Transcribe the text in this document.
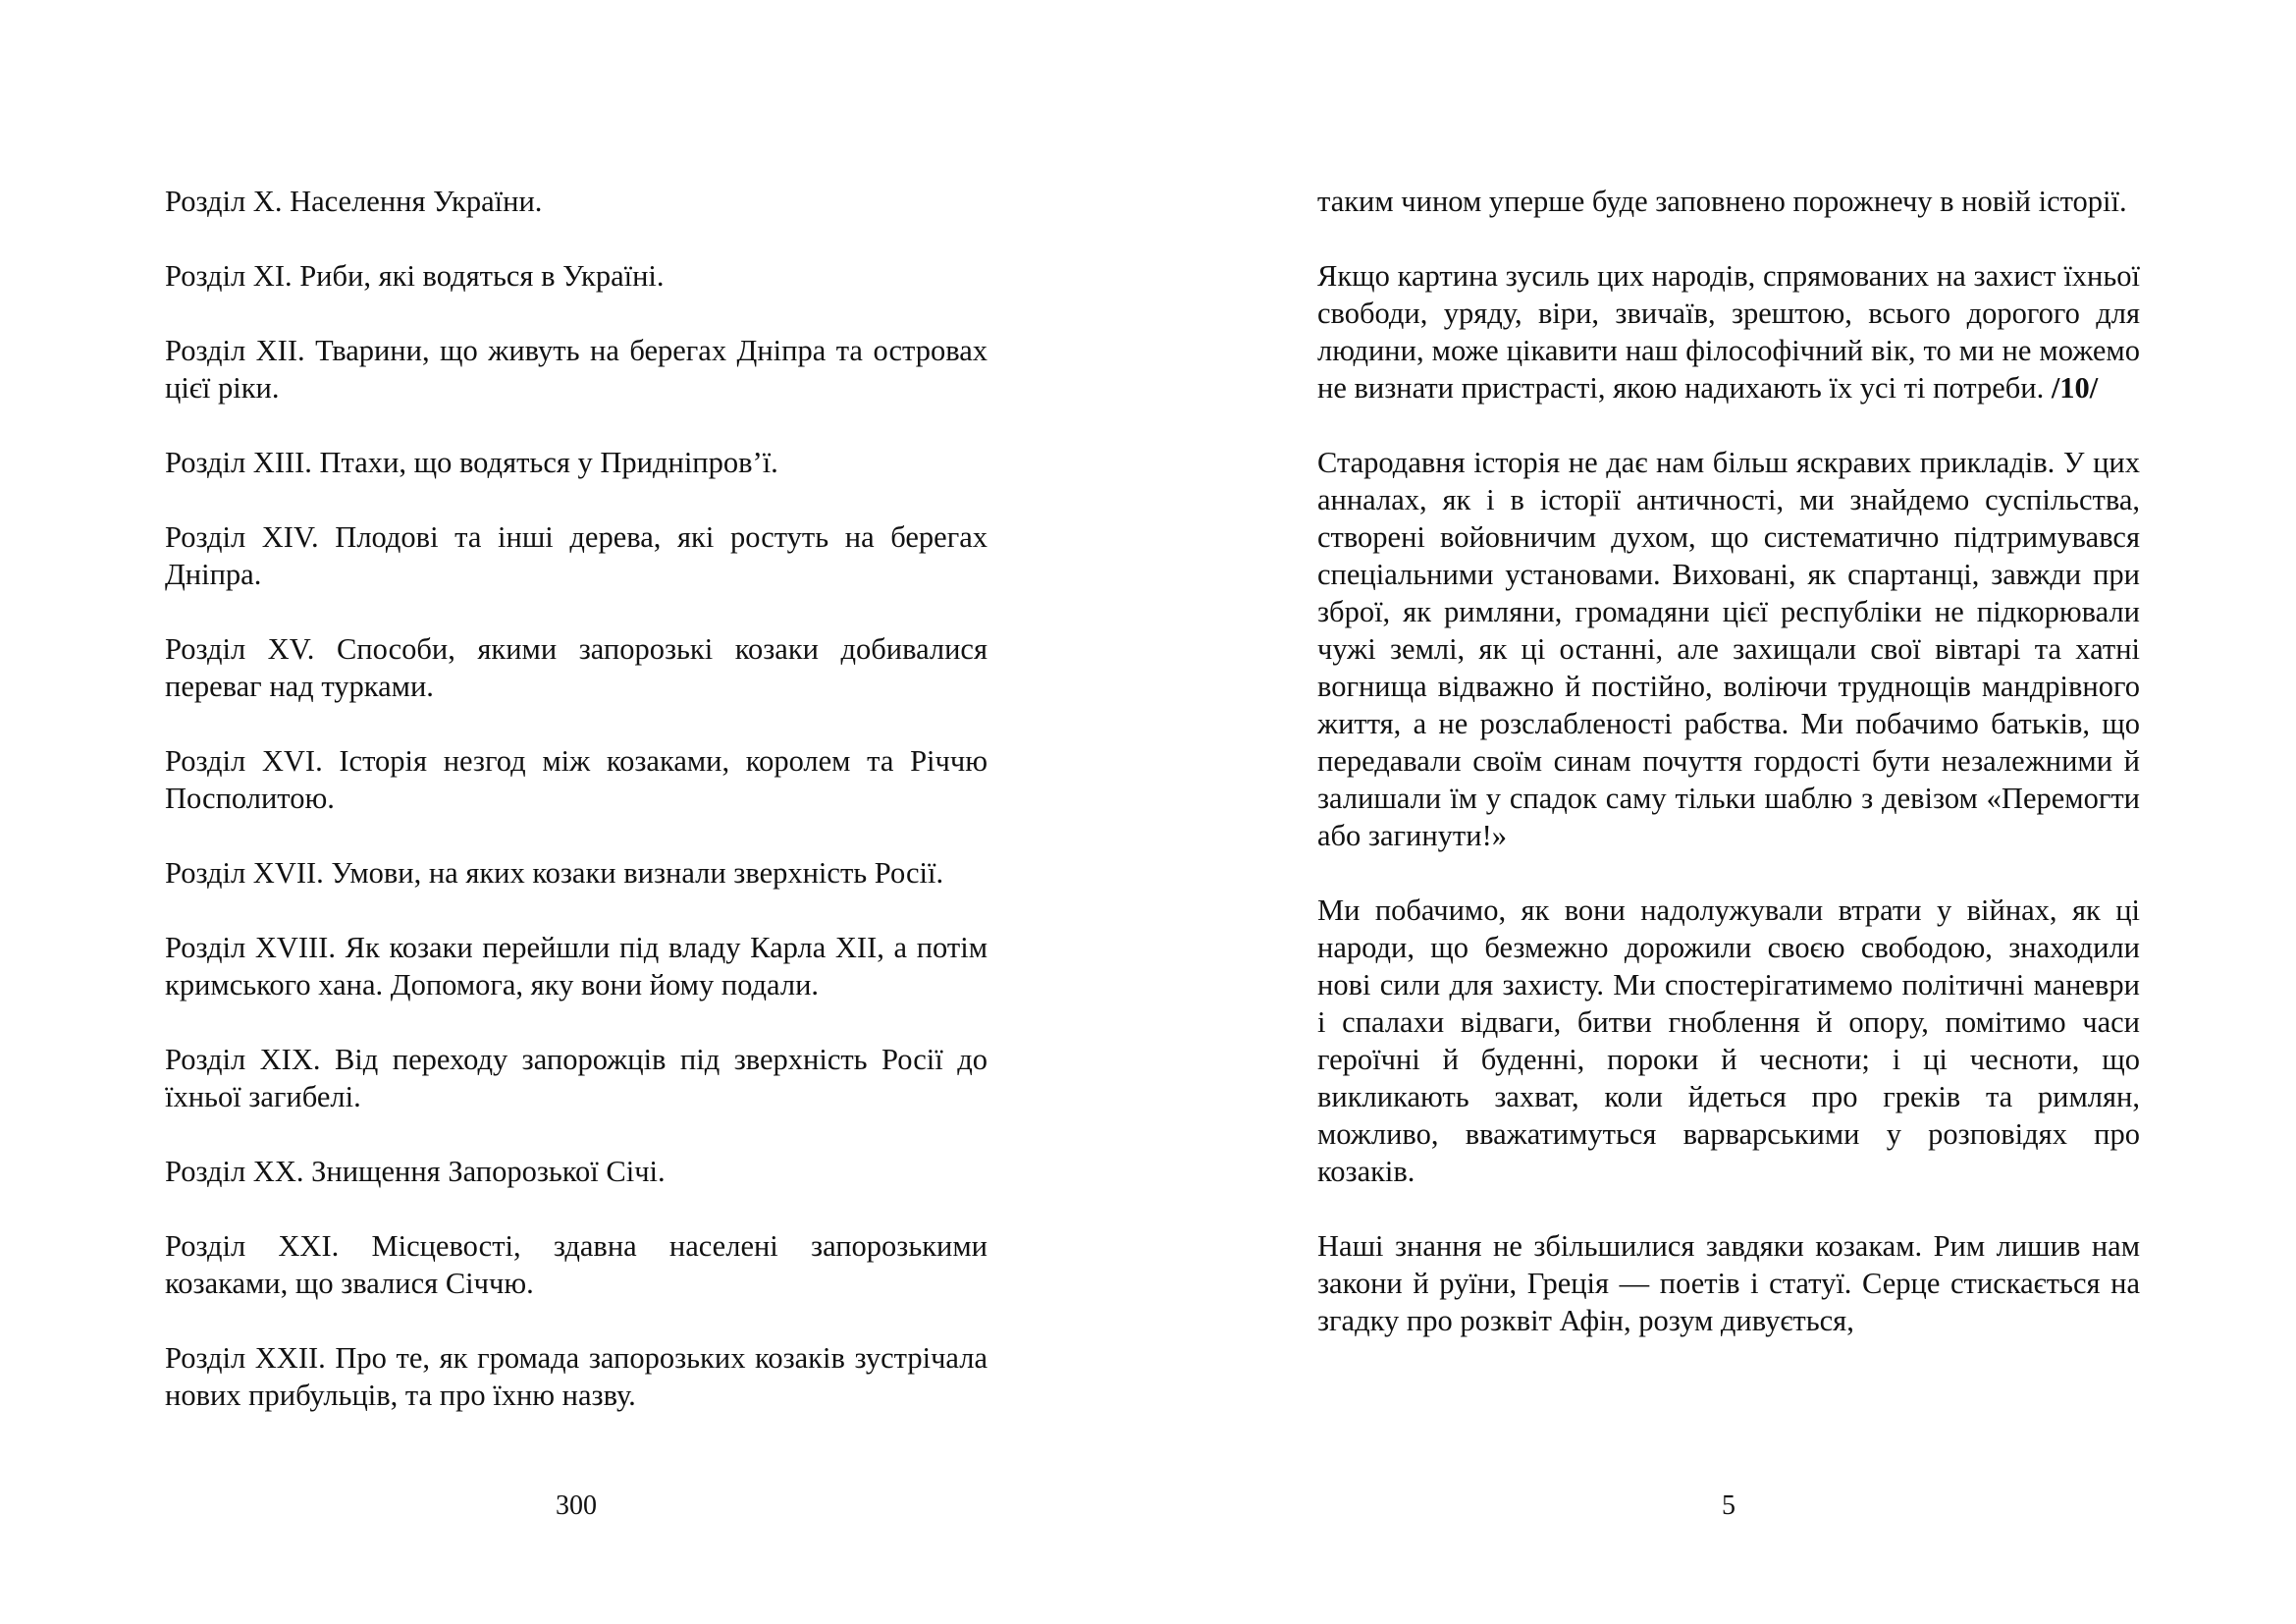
Розділ Х. Населення України.

Розділ ХІ. Риби, які водяться в Україні.

Розділ ХІІ. Тварини, що живуть на берегах Дніпра та островах цієї ріки.

Розділ ХІІІ. Птахи, що водяться у Придніпров’ї.

Розділ ХІV. Плодові та інші дерева, які ростуть на берегах Дніпра.

Розділ ХV. Способи, якими запорозькі козаки добивалися переваг над турками.

Розділ ХVІ. Історія незгод між козаками, королем та Річчю Посполитою.

Розділ ХVІІ. Умови, на яких козаки визнали зверхність Росії.

Розділ ХVІІІ. Як козаки перейшли під владу Карла ХІІ, а потім кримського хана. Допомога, яку вони йому подали.

Розділ ХІХ. Від переходу запорожців під зверхність Росії до їхньої загибелі.

Розділ ХХ. Знищення Запорозької Січі.

Розділ ХХІ. Місцевості, здавна населені запорозькими козаками, що звалися Січчю.

Розділ ХХІІ. Про те, як громада запорозьких козаків зустрічала нових прибульців, та про їхню назву.

300

таким чином уперше буде заповнено порожнечу в новій історії.

Якщо картина зусиль цих народів, спрямованих на захист їхньої свободи, уряду, віри, звичаїв, зрештою, всього дорогого для людини, може цікавити наш філософічний вік, то ми не можемо не визнати пристрасті, якою надихають їх усі ті потреби. /10/

Стародавня історія не дає нам більш яскравих прикладів. У цих анналах, як і в історії античності, ми знайдемо суспільства, створені войовничим духом, що систематично підтримувався спеціальними установами. Виховані, як спартанці, завжди при зброї, як римляни, громадяни цієї республіки не підкорювали чужі землі, як ці останні, але захищали свої вівтарі та хатні вогнища відважно й постійно, воліючи труднощів мандрівного життя, а не розслабленості рабства. Ми побачимо батьків, що передавали своїм синам почуття гордості бути незалежними й залишали їм у спадок саму тільки шаблю з девізом «Перемогти або загинути!»

Ми побачимо, як вони надолужували втрати у війнах, як ці народи, що безмежно дорожили своєю свободою, знаходили нові сили для захисту. Ми спостерігатимемо політичні маневри і спалахи відваги, битви гноблення й опору, помітимо часи героїчні й буденні, пороки й чесноти; і ці чесноти, що викликають захват, коли йдеться про греків та римлян, можливо, вважатимуться варварськими у розповідях про козаків.

Наші знання не збільшилися завдяки козакам. Рим лишив нам закони й руїни, Греція — поетів і статуї. Серце стискається на згадку про розквіт Афін, розум дивується,

5
